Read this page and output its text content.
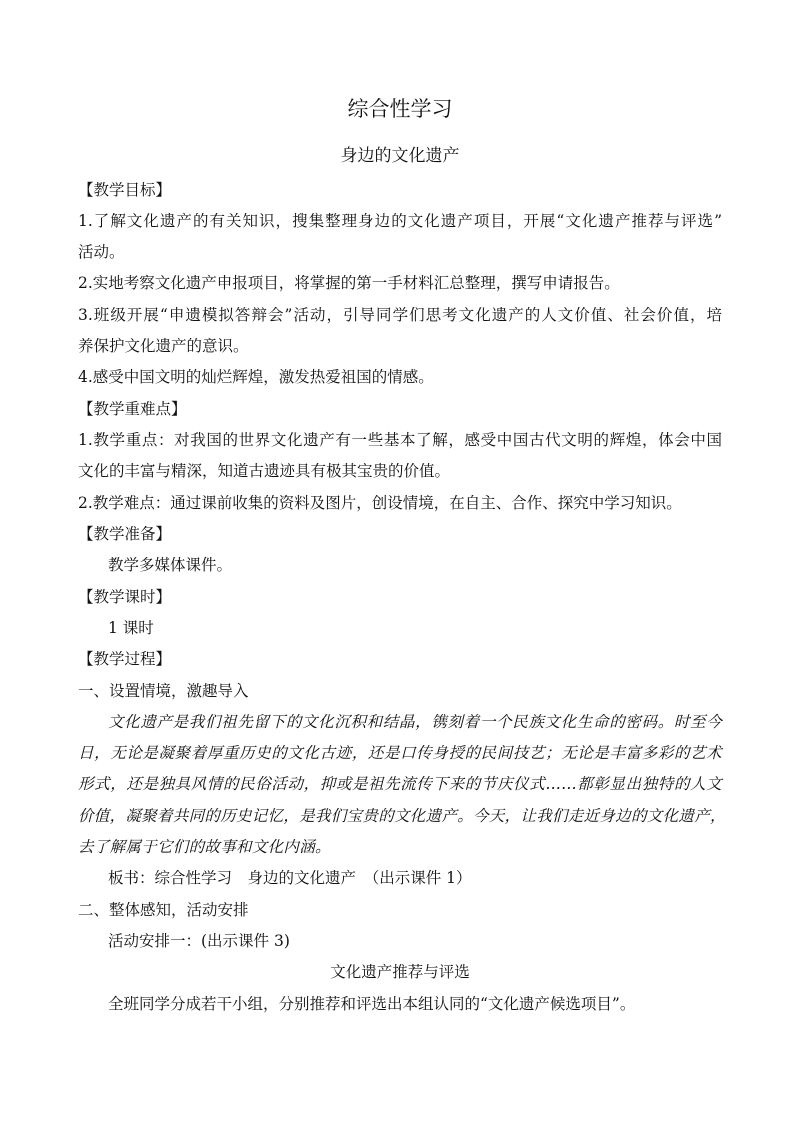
综合性学习
身边的文化遗产
【教学目标】
1.了解文化遗产的有关知识，搜集整理身边的文化遗产项目，开展“文化遗产推荐与评选”
活动。
2.实地考察文化遗产申报项目，将掌握的第一手材料汇总整理，撰写申请报告。
3.班级开展“申遗模拟答辩会”活动，引导同学们思考文化遗产的人文价值、社会价值，培
养保护文化遗产的意识。
4.感受中国文明的灿烂辉煌，激发热爱祖国的情感。
【教学重难点】
1.教学重点：对我国的世界文化遗产有一些基本了解，感受中国古代文明的辉煌，体会中国
文化的丰富与精深，知道古遗迹具有极其宝贵的价值。
2.教学难点：通过课前收集的资料及图片，创设情境，在自主、合作、探究中学习知识。
【教学准备】
教学多媒体课件。
【教学课时】
1 课时
【教学过程】
一、设置情境，激趣导入
文化遗产是我们祖先留下的文化沉积和结晶，镌刻着一个民族文化生命的密码。时至今
日，无论是凝聚着厚重历史的文化古迹，还是口传身授的民间技艺；无论是丰富多彩的艺术
形式，还是独具风情的民俗活动，抑或是祖先流传下来的节庆仪式……都彰显出独特的人文
价值，凝聚着共同的历史记忆，是我们宝贵的文化遗产。今天，让我们走近身边的文化遗产，
去了解属于它们的故事和文化内涵。
板书：综合性学习　身边的文化遗产　（出示课件 1）
二、整体感知，活动安排
活动安排一：(出示课件 3)
文化遗产推荐与评选
全班同学分成若干小组，分别推荐和评选出本组认同的“文化遗产候选项目”。
